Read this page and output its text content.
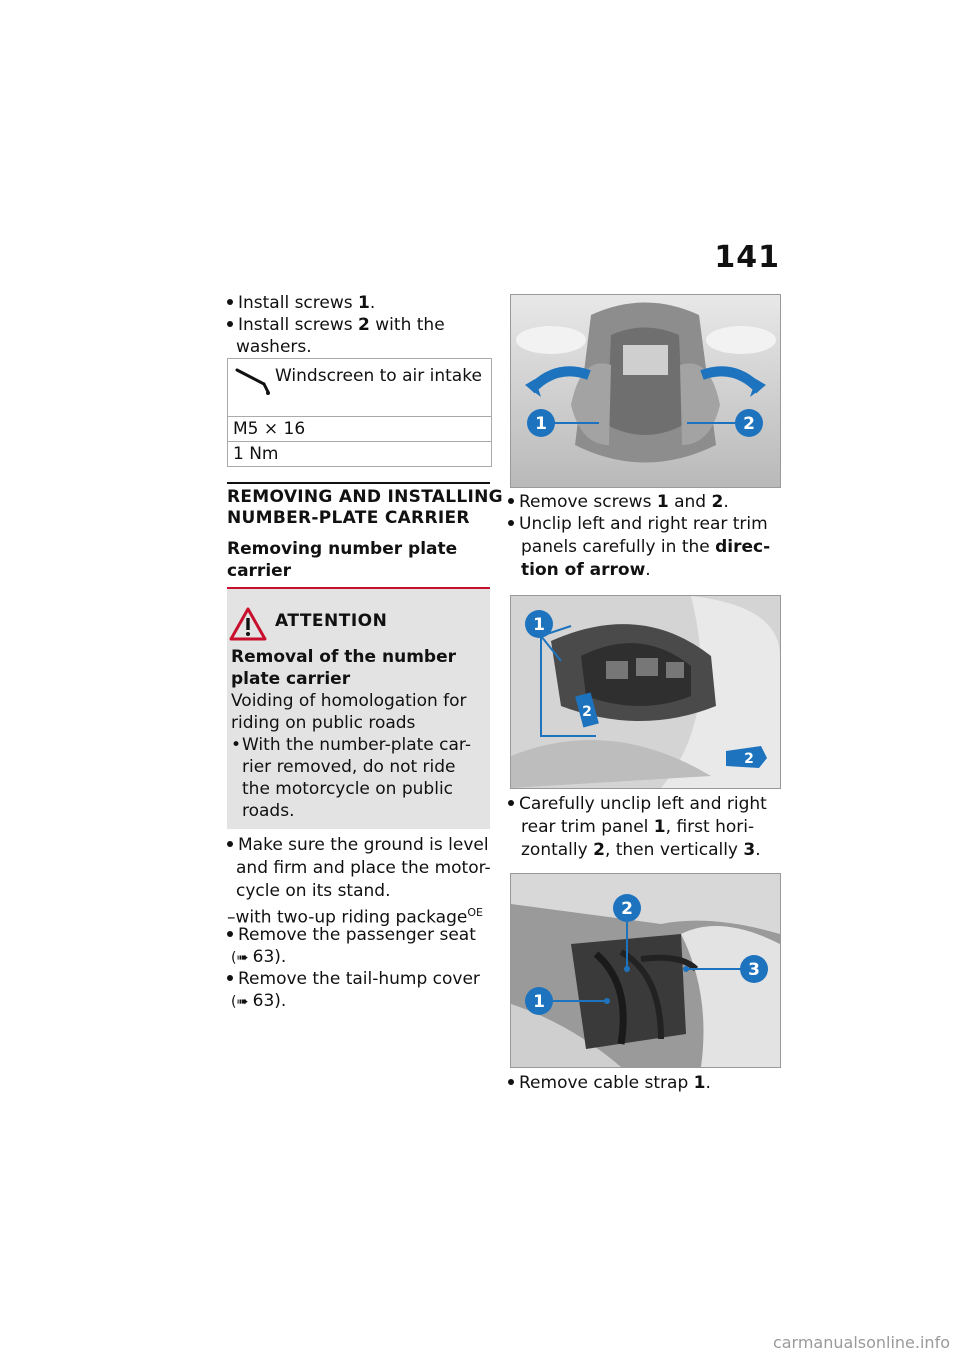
141
Install screws 1.
Install screws 2 with the
washers.
Windscreen to air intake
M5 × 16
1 Nm
REMOVING AND INSTALLING
NUMBER-PLATE CARRIER
Removing number plate
carrier
ATTENTION
Removal of the number
plate carrier
Voiding of homologation for
riding on public roads
•With the number-plate car-
rier removed, do not ride
the motorcycle on public
roads.
Make sure the ground is level
and firm and place the motor-
cycle on its stand.
–with two-up riding package$^{OE}$
Remove the passenger seat
(➠ 63).
Remove the tail-hump cover
(➠ 63).
1	2
Remove screws 1 and 2.
Unclip left and right rear trim
panels carefully in the direc-
tion of arrow.
1
2
2
Carefully unclip left and right
rear trim panel 1, first hori-
zontally 2, then vertically 3.
2
3
1
Remove cable strap 1.
carmanualsonline.info
